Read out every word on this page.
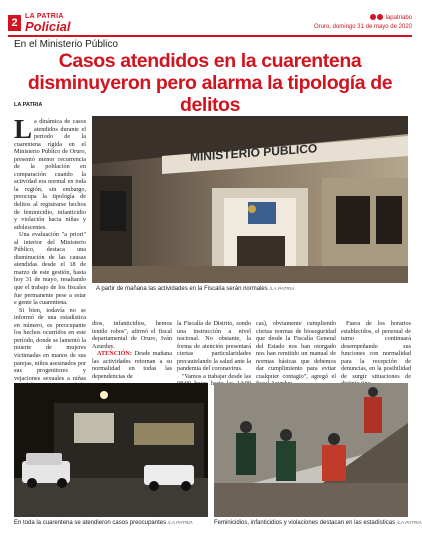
2
LA PATRIA
Policial
lapatriabo
Oruro, domingo 31 de mayo de 2020
En el Ministerio Público
Casos atendidos en la cuarentena
disminuyeron pero alarma la tipología de delitos
LA PATRIA

La dinámica de casos atendidos durante el periodo de la cuarentena rígida en el Ministerio Público de Oruro, presentó menor recurrencia de la población en comparación cuando la actividad era normal en toda la región; sin embargo, preocupa la tipología de delitos al registrarse hechos de feminicidio, infanticidio y violación hacia niñas y adolescentes.

Una evaluación "a priori" al interior del Ministerio Público, destaca una disminución de las causas atendidas desde el 18 de marzo de este gestión, hasta hoy 31 de mayo, resaltando que el trabajo de los fiscales fue permanente pese a estar e gente la cuarentena.

Si bien, todavía no se informó de una estadística en número, es preocupante los hechos ocurridos en este período, donde se lamentó la muerte de mujeres victimadas en manos de sus parejas, niños asesinados por sus progenitores y vejaciones sexuales a niñas

MINISTERIO PÚBLICO
A partir de mañana las actividades en la Fiscalía serán normales /LA PATRIA

dios, infanticidios, hemos tenido robos", afirmó el fiscal departamental de Oruro, Iván Azurduy.

ATENCIÓN: Desde mañana las actividades retornan a su normalidad en todas las dependencias de

la Fiscalía de Distrito, sondo una instrucción a nivel nacional. No obstante, la forma de atención presentará ciertas particularidades precautelando la salud ante la pandemia del coronavirus.

"Vamos a trabajar desde las

cas), obviamente cumpliendo ciertas normas de bioseguridad que desde la Fiscalía General del Estado nos han otorgado nos han remitido un manual de normas básicas que debemos dar cumplimiento para evitar cualquier contagio", agregó el

Fuera de los horarios establecidos, el personal de turno continuará desempeñando sus funciones con normalidad para la recepción de denuncias, en la posibilidad de surgir situaciones de

En toda la cuarentena se atendieron casos preocupantes /LA PATRIA	Feminicidios, infanticidios y violaciones destacan en las estadísticas /LA PATRIA
